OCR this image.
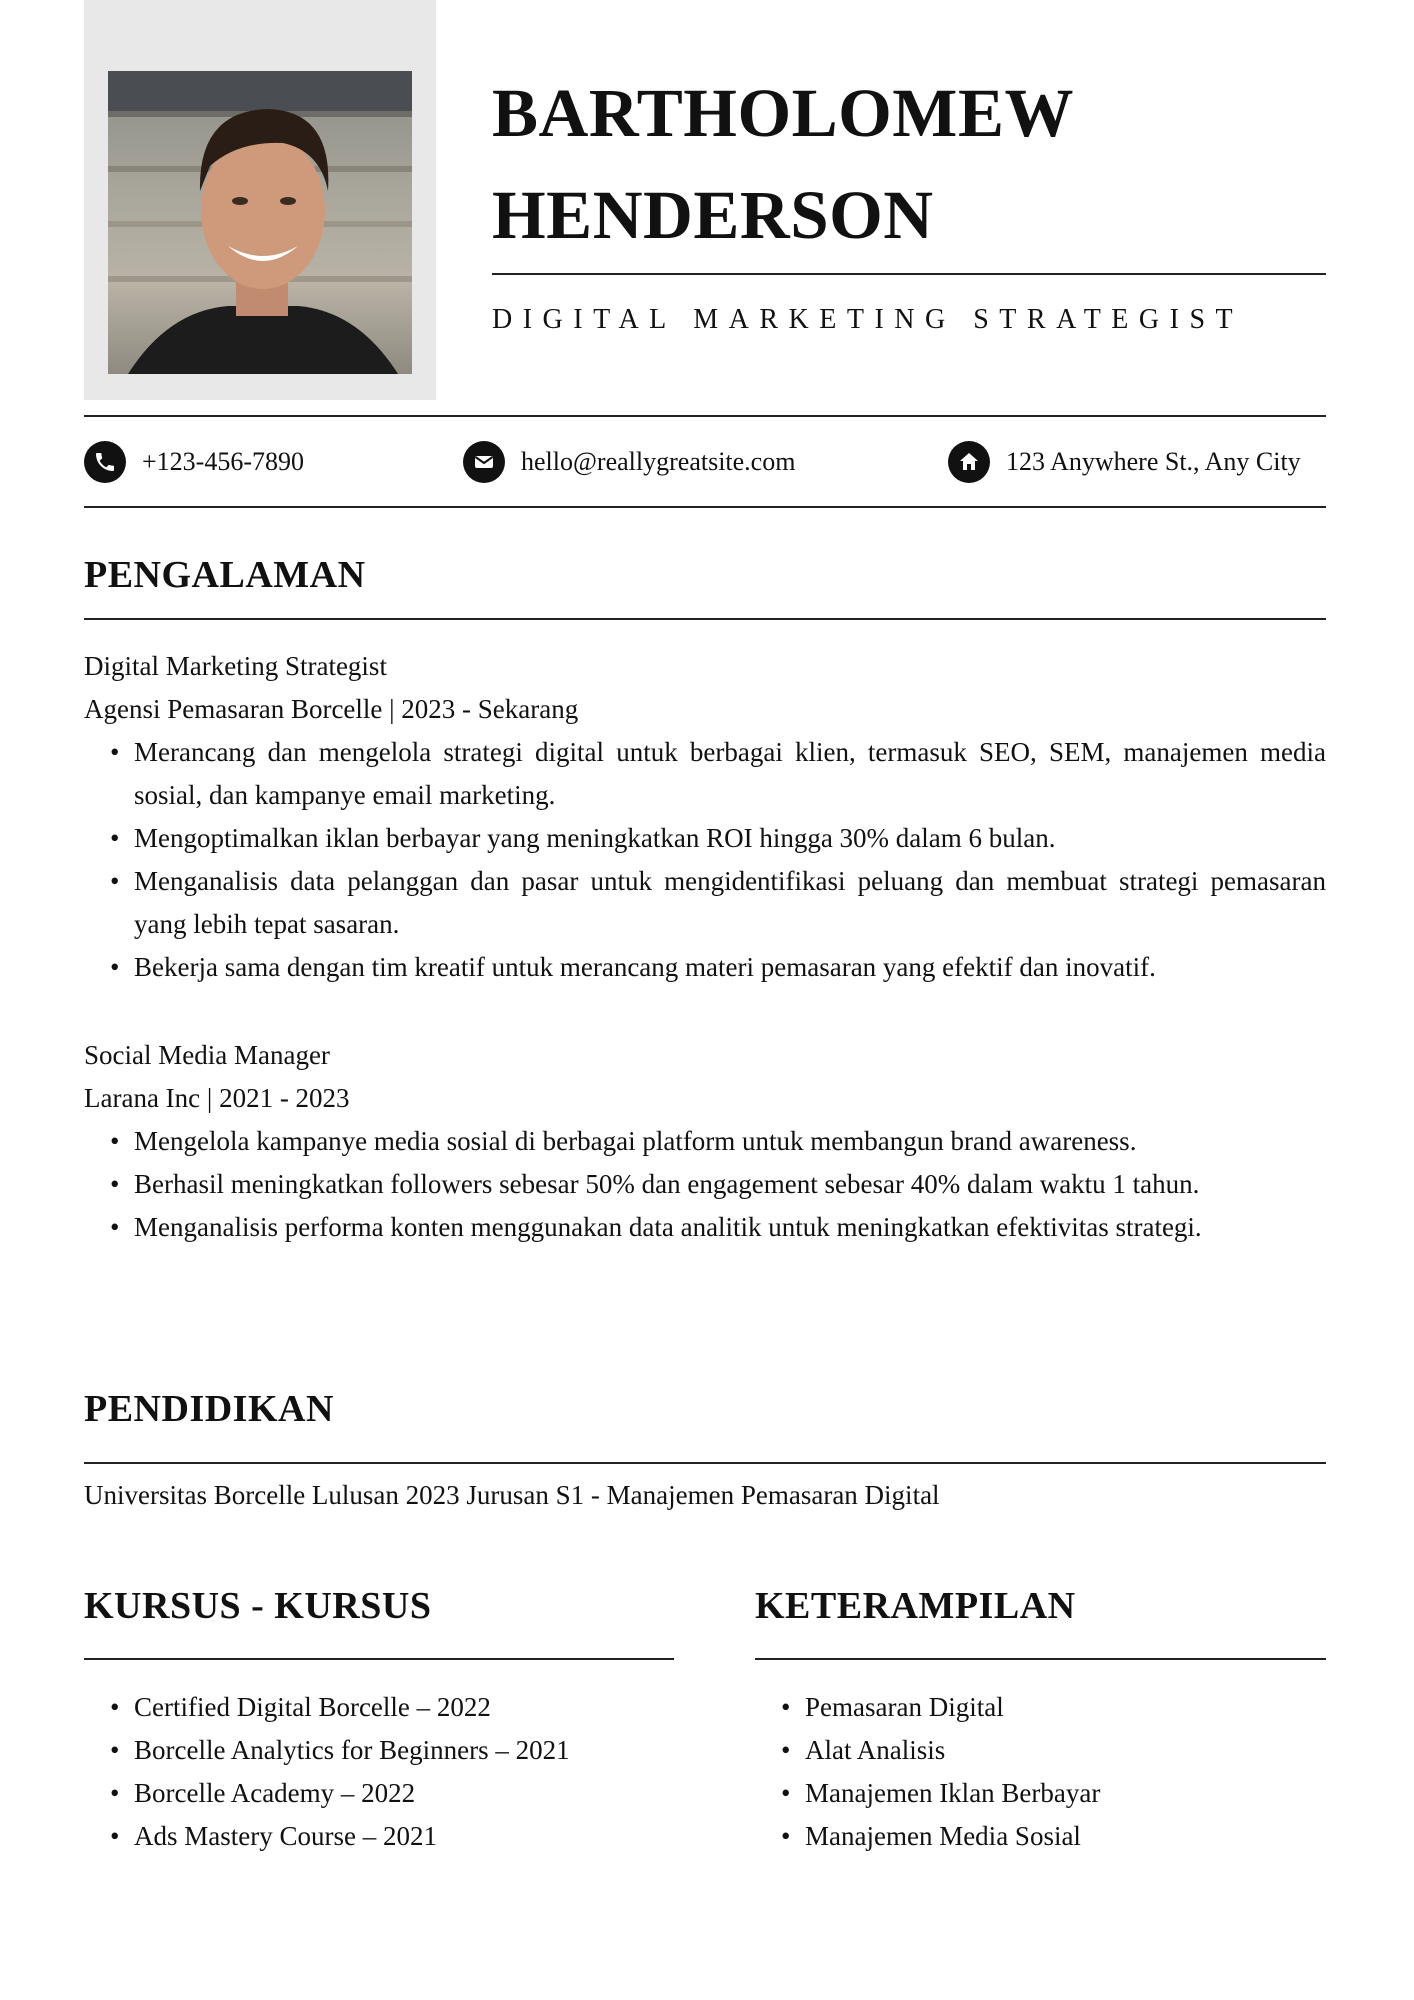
BARTHOLOMEW
HENDERSON

DIGITAL MARKETING STRATEGIST

+123-456-7890	hello@reallygreatsite.com	123 Anywhere St., Any City
PENGALAMAN
Digital Marketing Strategist
Agensi Pemasaran Borcelle | 2023 - Sekarang
• Merancang dan mengelola strategi digital untuk berbagai klien, termasuk SEO, SEM, manajemen media sosial, dan kampanye email marketing.
• Mengoptimalkan iklan berbayar yang meningkatkan ROI hingga 30% dalam 6 bulan.
• Menganalisis data pelanggan dan pasar untuk mengidentifikasi peluang dan membuat strategi pemasaran yang lebih tepat sasaran.
• Bekerja sama dengan tim kreatif untuk merancang materi pemasaran yang efektif dan inovatif.
Social Media Manager
Larana Inc | 2021 - 2023
• Mengelola kampanye media sosial di berbagai platform untuk membangun brand awareness.
• Berhasil meningkatkan followers sebesar 50% dan engagement sebesar 40% dalam waktu 1 tahun.
• Menganalisis performa konten menggunakan data analitik untuk meningkatkan efektivitas strategi.
PENDIDIKAN
Universitas Borcelle Lulusan 2023 Jurusan S1 - Manajemen Pemasaran Digital
KURSUS - KURSUS
• Certified Digital Borcelle – 2022
• Borcelle Analytics for Beginners – 2021
• Borcelle Academy – 2022
• Ads Mastery Course – 2021
KETERAMPILAN
• Pemasaran Digital
• Alat Analisis
• Manajemen Iklan Berbayar
• Manajemen Media Sosial
